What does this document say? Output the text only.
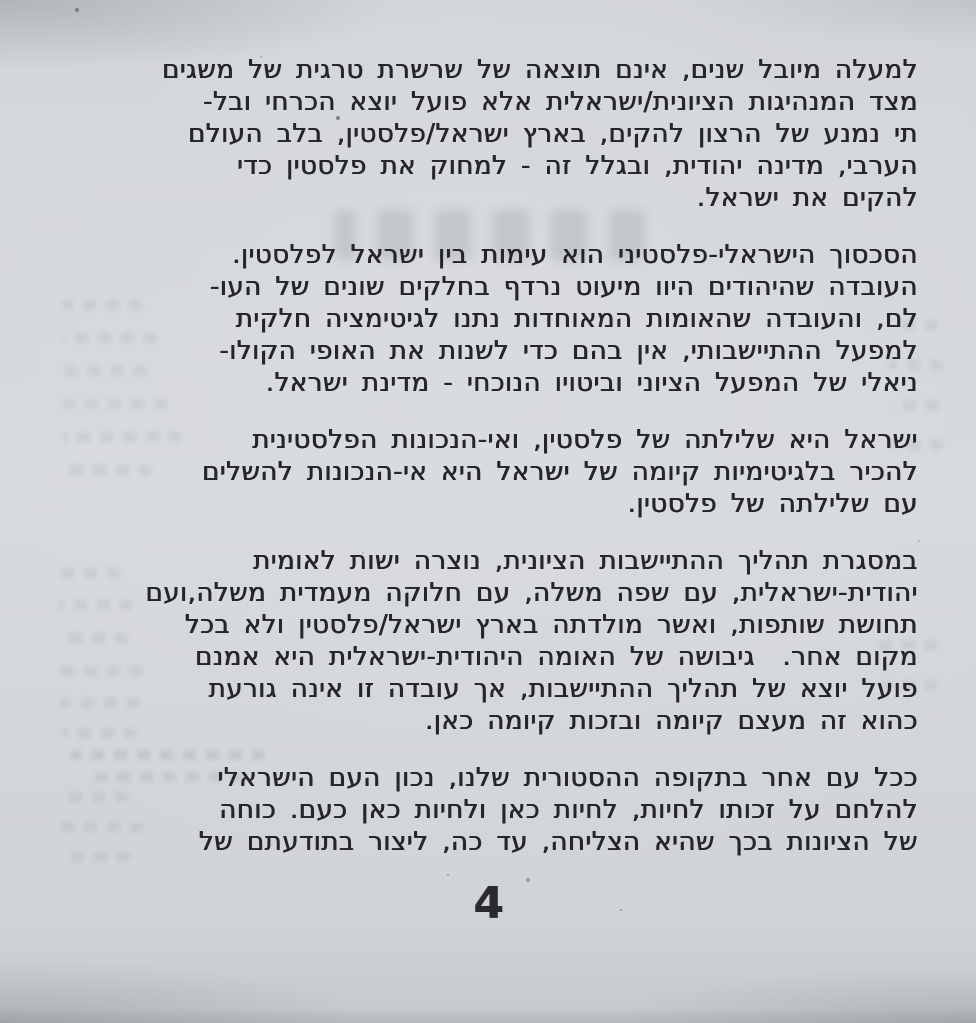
למעלה מיובל שנים, אינם תוצאה של שרשרת טרגית של משגים
מצד המנהיגות הציונית/ישראלית אלא פועל יוצא הכרחי ובל-
תי נמנע של הרצון להקים, בארץ ישראל/פלסטין, בלב העולם
הערבי, מדינה יהודית, ובגלל זה - למחוק את פלסטין כדי
להקים את ישראל.
הסכסוך הישראלי-פלסטיני הוא עימות בין ישראל לפלסטין.
העובדה שהיהודים היוו מיעוט נרדף בחלקים שונים של העו-
לם, והעובדה שהאומות המאוחדות נתנו לגיטימציה חלקית
למפעל ההתיישבותי, אין בהם כדי לשנות את האופי הקולו-
ניאלי של המפעל הציוני וביטויו הנוכחי - מדינת ישראל.
ישראל היא שלילתה של פלסטין, ואי-הנכונות הפלסטינית
להכיר בלגיטימיות קיומה של ישראל היא אי-הנכונות להשלים
עם שלילתה של פלסטין.
במסגרת תהליך ההתיישבות הציונית, נוצרה ישות לאומית
יהודית-ישראלית, עם שפה משלה, עם חלוקה מעמדית משלה,ועם
תחושת שותפות, ואשר מולדתה בארץ ישראל/פלסטין ולא בכל
מקום אחר.  גיבושה של האומה היהודית-ישראלית היא אמנם
פועל יוצא של תהליך ההתיישבות, אך עובדה זו אינה גורעת
כהוא זה מעצם קיומה ובזכות קיומה כאן.
ככל עם אחר בתקופה ההסטורית שלנו, נכון העם הישראלי
להלחם על זכותו לחיות, לחיות כאן ולחיות כאן כעם. כוחה
של הציונות בכך שהיא הצליחה, עד כה, ליצור בתודעתם של
4
